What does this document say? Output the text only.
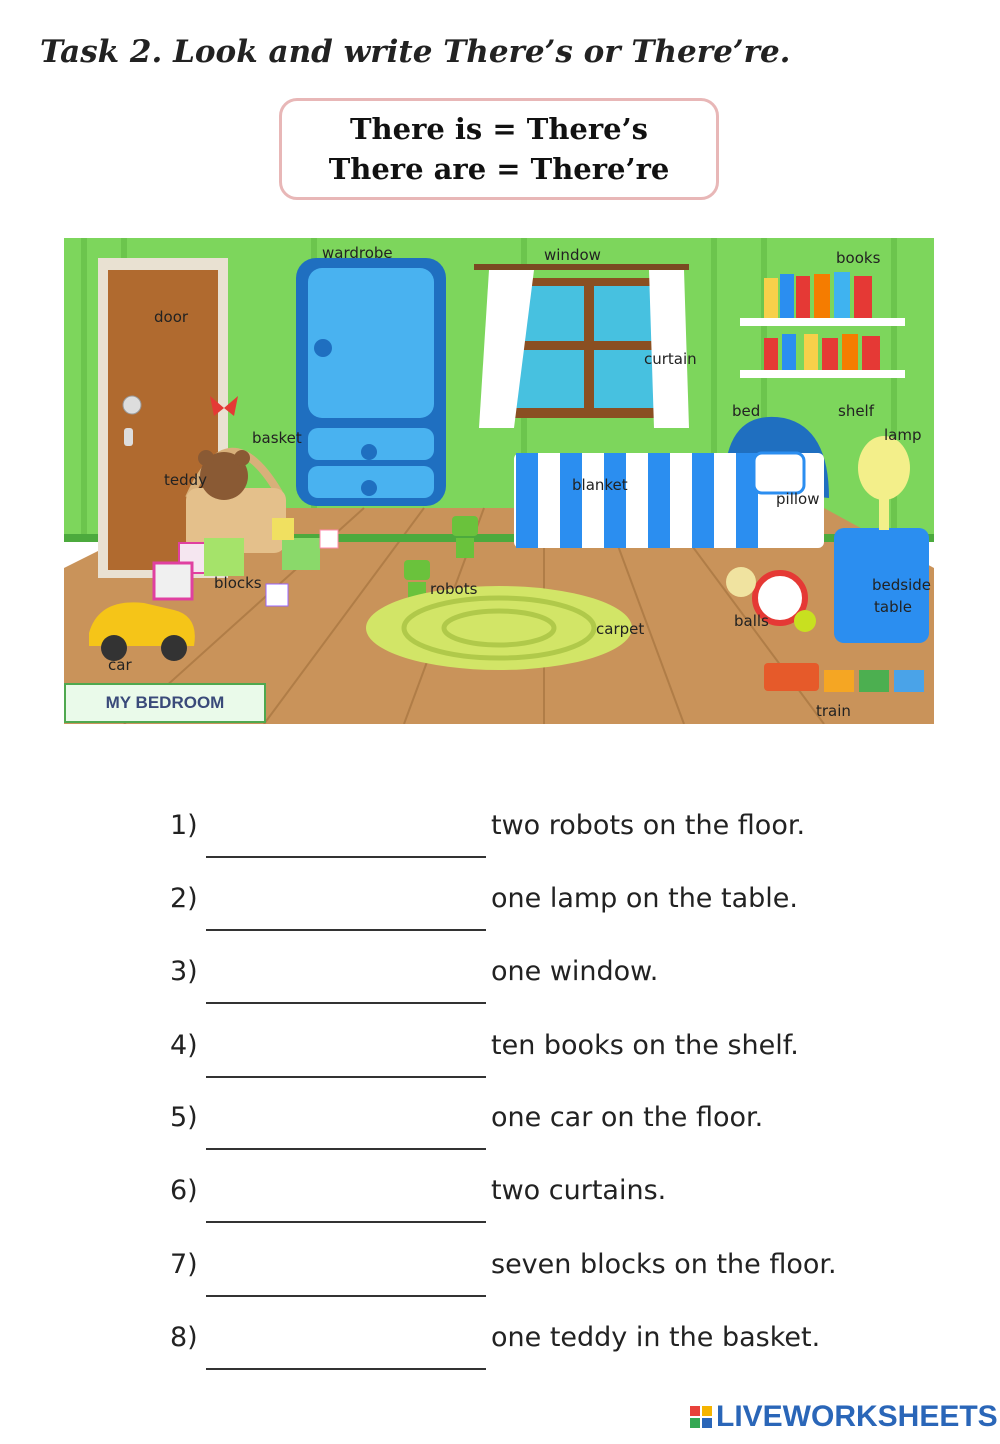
Task 2. Look and write There’s or There’re.
There is = There’s
There are = There’re
wardrobe	window	books
door
curtain
bed	shelf
lamp
basket
teddy	blanket
pillow
blocks	robots	bedside
table
balls
carpet
car
train
MY BEDROOM
1)	two robots on the floor.
2)	one lamp on the table.
3)	one window.
4)	ten books on the shelf.
5)	one car on the floor.
6)	two curtains.
7)	seven blocks on the floor.
8)	one teddy in the basket.
LIVEWORKSHEETS
